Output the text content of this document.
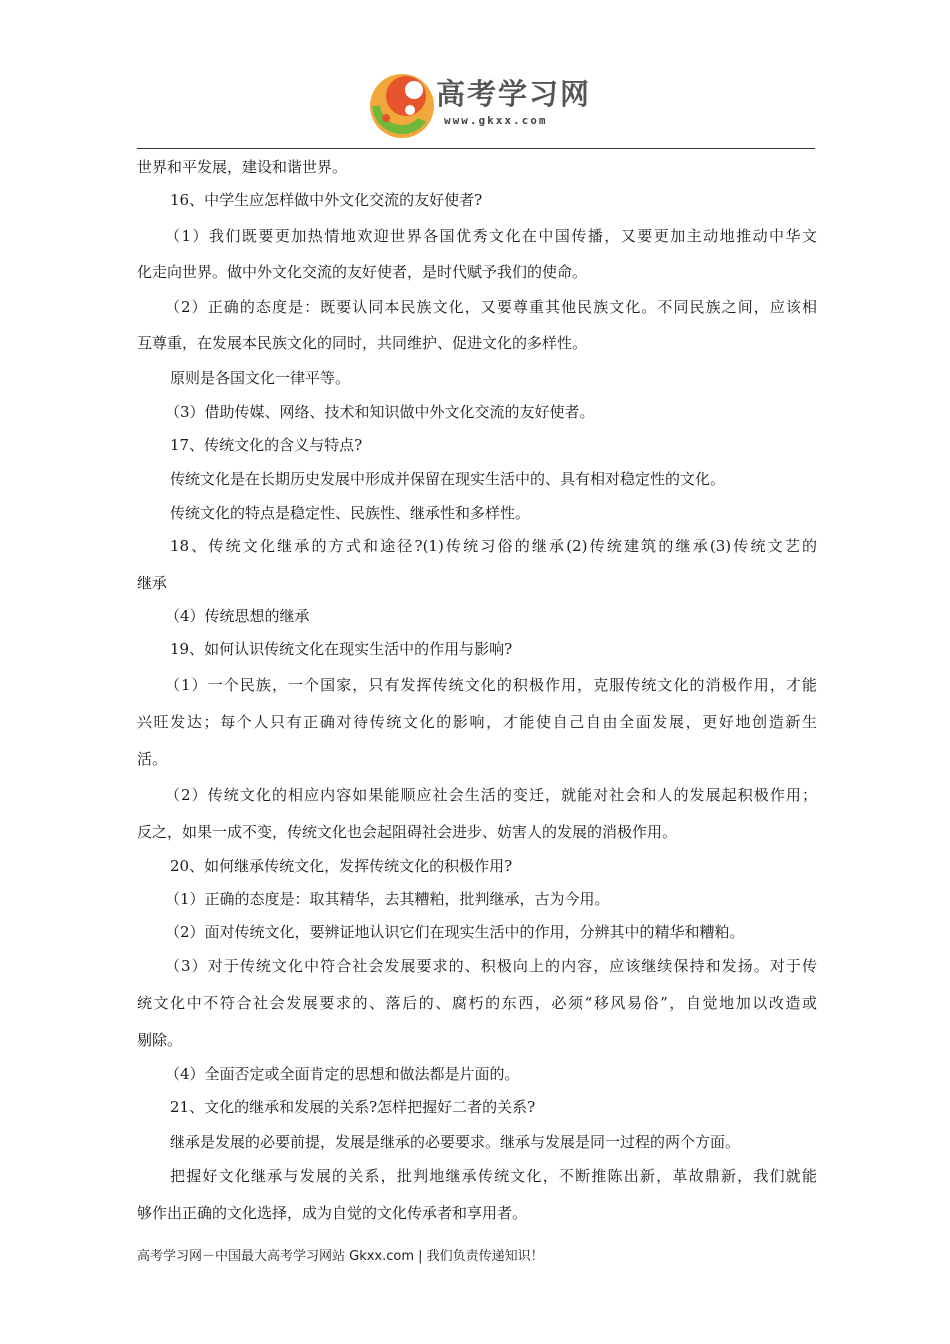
高考学习网
www.gkxx.com
世界和平发展，建设和谐世界。
16、中学生应怎样做中外文化交流的友好使者?
（1）我们既要更加热情地欢迎世界各国优秀文化在中国传播，又要更加主动地推动中华文
化走向世界。做中外文化交流的友好使者，是时代赋予我们的使命。
（2）正确的态度是：既要认同本民族文化，又要尊重其他民族文化。不同民族之间，应该相
互尊重，在发展本民族文化的同时，共同维护、促进文化的多样性。
原则是各国文化一律平等。
（3）借助传媒、网络、技术和知识做中外文化交流的友好使者。
17、传统文化的含义与特点?
传统文化是在长期历史发展中形成并保留在现实生活中的、具有相对稳定性的文化。
传统文化的特点是稳定性、民族性、继承性和多样性。
18、传统文化继承的方式和途径?(1)传统习俗的继承(2)传统建筑的继承(3)传统文艺的
继承
（4）传统思想的继承
19、如何认识传统文化在现实生活中的作用与影响?
（1）一个民族，一个国家，只有发挥传统文化的积极作用，克服传统文化的消极作用，才能
兴旺发达；每个人只有正确对待传统文化的影响，才能使自己自由全面发展，更好地创造新生
活。
（2）传统文化的相应内容如果能顺应社会生活的变迁，就能对社会和人的发展起积极作用；
反之，如果一成不变，传统文化也会起阻碍社会进步、妨害人的发展的消极作用。
20、如何继承传统文化，发挥传统文化的积极作用?
（1）正确的态度是：取其精华，去其糟粕，批判继承，古为今用。
（2）面对传统文化，要辨证地认识它们在现实生活中的作用，分辨其中的精华和糟粕。
（3）对于传统文化中符合社会发展要求的、积极向上的内容，应该继续保持和发扬。对于传
统文化中不符合社会发展要求的、落后的、腐朽的东西，必须“移风易俗”，自觉地加以改造或
剔除。
（4）全面否定或全面肯定的思想和做法都是片面的。
21、文化的继承和发展的关系?怎样把握好二者的关系?
继承是发展的必要前提，发展是继承的必要要求。继承与发展是同一过程的两个方面。
把握好文化继承与发展的关系，批判地继承传统文化，不断推陈出新，革故鼎新，我们就能
够作出正确的文化选择，成为自觉的文化传承者和享用者。
高考学习网－中国最大高考学习网站 Gkxx.com | 我们负责传递知识！
